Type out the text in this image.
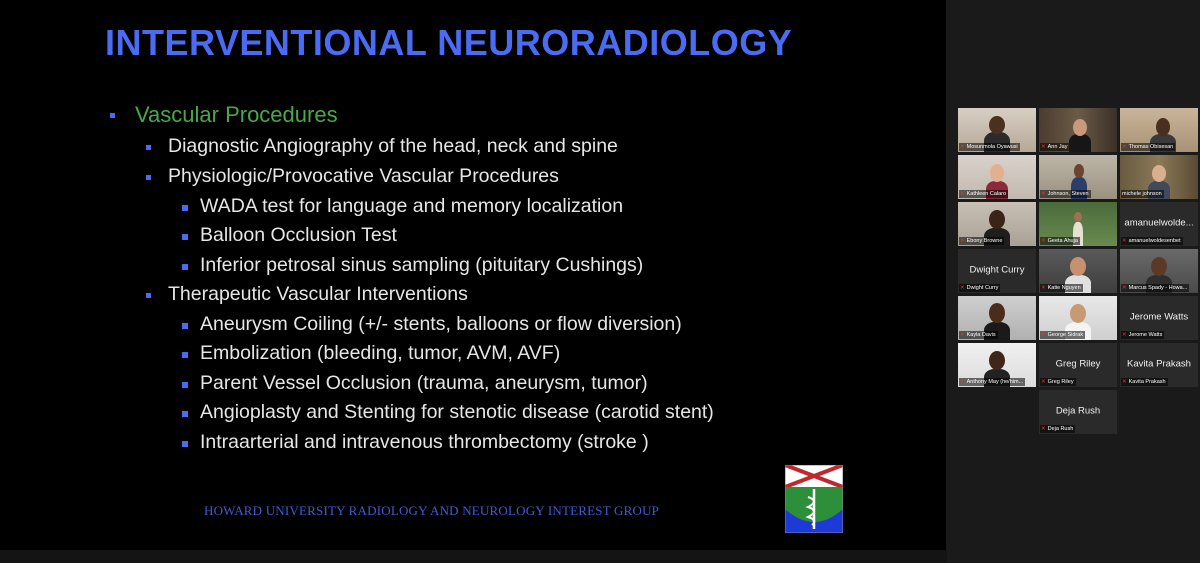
INTERVENTIONAL NEURORADIOLOGY
Vascular Procedures
Diagnostic Angiography of the head, neck and spine
Physiologic/Provocative Vascular Procedures
WADA test for language and memory localization
Balloon Occlusion Test
Inferior petrosal sinus sampling (pituitary Cushings)
Therapeutic Vascular Interventions
Aneurysm Coiling (+/- stents, balloons or flow diversion)
Embolization (bleeding, tumor, AVM, AVF)
Parent Vessel Occlusion (trauma, aneurysm, tumor)
Angioplasty and Stenting for stenotic disease (carotid stent)
Intraarterial and intravenous thrombectomy (stroke )
HOWARD UNIVERSITY RADIOLOGY AND NEUROLOGY INTEREST GROUP
✕ Mosunmola Oyawusi	✕ Ann Jay	✕ Thomas Obisesan
✕ Kathleen Calaro	✕ Johnson, Steven	michele johnson
✕ Ebony Browne	✕ Geeta Ahuja
amanuelwolde...
✕ amanuelwoldesenbet
Dwight Curry
✕ Dwight Curry	✕ Katie Nguyen	✕ Marcus Spady - Howa...
✕ Kayla Davis	✕ George Sidrak
Jerome Watts
✕ Jerome Watts
✕ Anthony May (he/him...
Greg Riley
✕ Greg Riley
Kavita Prakash
✕ Kavita Prakash
Deja Rush
✕ Deja Rush
